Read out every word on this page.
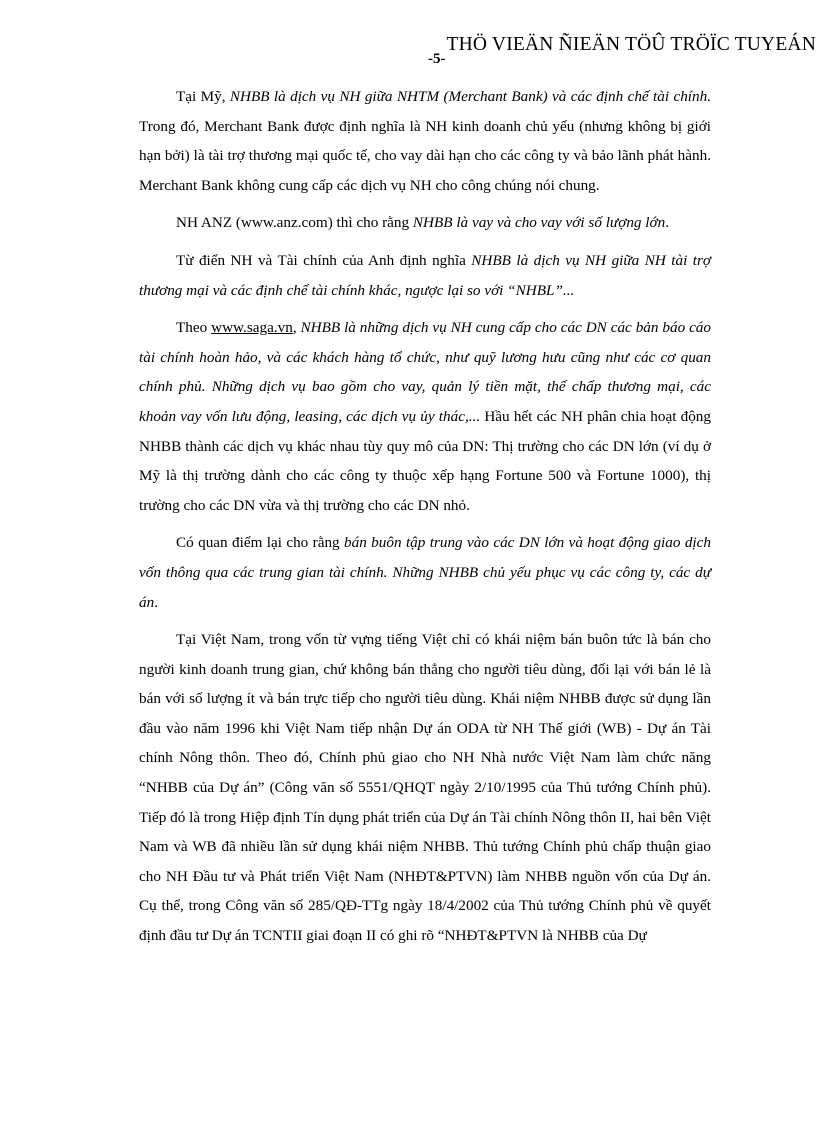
THÖ VIEÄN ÑIEÄN TÖÛ TRÖÏC TUYEÁN
-5-

Tại Mỹ, NHBB là dịch vụ NH giữa NHTM (Merchant Bank) và các định chế tài chính. Trong đó, Merchant Bank được định nghĩa là NH kinh doanh chủ yếu (nhưng không bị giới hạn bởi) là tài trợ thương mại quốc tế, cho vay dài hạn cho các công ty và bảo lãnh phát hành. Merchant Bank không cung cấp các dịch vụ NH cho công chúng nói chung.

NH ANZ (www.anz.com) thì cho rằng NHBB là vay và cho vay với số lượng lớn.

Từ điển NH và Tài chính của Anh định nghĩa NHBB là dịch vụ NH giữa NH tài trợ thương mại và các định chế tài chính khác, ngược lại so với “NHBL”...

Theo www.saga.vn, NHBB là những dịch vụ NH cung cấp cho các DN các bản báo cáo tài chính hoàn hảo, và các khách hàng tổ chức, như quỹ lương hưu cũng như các cơ quan chính phủ. Những dịch vụ bao gồm cho vay, quản lý tiền mặt, thế chấp thương mại, các khoản vay vốn lưu động, leasing, các dịch vụ ủy thác,... Hầu hết các NH phân chia hoạt động NHBB thành các dịch vụ khác nhau tùy quy mô của DN: Thị trường cho các DN lớn (ví dụ ở Mỹ là thị trường dành cho các công ty thuộc xếp hạng Fortune 500 và Fortune 1000), thị trường cho các DN vừa và thị trường cho các DN nhỏ.

Có quan điểm lại cho rằng bán buôn tập trung vào các DN lớn và hoạt động giao dịch vốn thông qua các trung gian tài chính. Những NHBB chủ yếu phục vụ các công ty, các dự án.

Tại Việt Nam, trong vốn từ vựng tiếng Việt chỉ có khái niệm bán buôn tức là bán cho người kinh doanh trung gian, chứ không bán thẳng cho người tiêu dùng, đối lại với bán lẻ là bán với số lượng ít và bán trực tiếp cho người tiêu dùng. Khái niệm NHBB được sử dụng lần đầu vào năm 1996 khi Việt Nam tiếp nhận Dự án ODA từ NH Thế giới (WB) - Dự án Tài chính Nông thôn. Theo đó, Chính phủ giao cho NH Nhà nước Việt Nam làm chức năng “NHBB của Dự án” (Công văn số 5551/QHQT ngày 2/10/1995 của Thủ tướng Chính phủ). Tiếp đó là trong Hiệp định Tín dụng phát triển của Dự án Tài chính Nông thôn II, hai bên Việt Nam và WB đã nhiều lần sử dụng khái niệm NHBB. Thủ tướng Chính phủ chấp thuận giao cho NH Đầu tư và Phát triển Việt Nam (NHĐT&PTVN) làm NHBB nguồn vốn của Dự án. Cụ thể, trong Công văn số 285/QĐ-TTg ngày 18/4/2002 của Thủ tướng Chính phủ về quyết định đầu tư Dự án TCNTII giai đoạn II có ghi rõ “NHĐT&PTVN là NHBB của Dự
